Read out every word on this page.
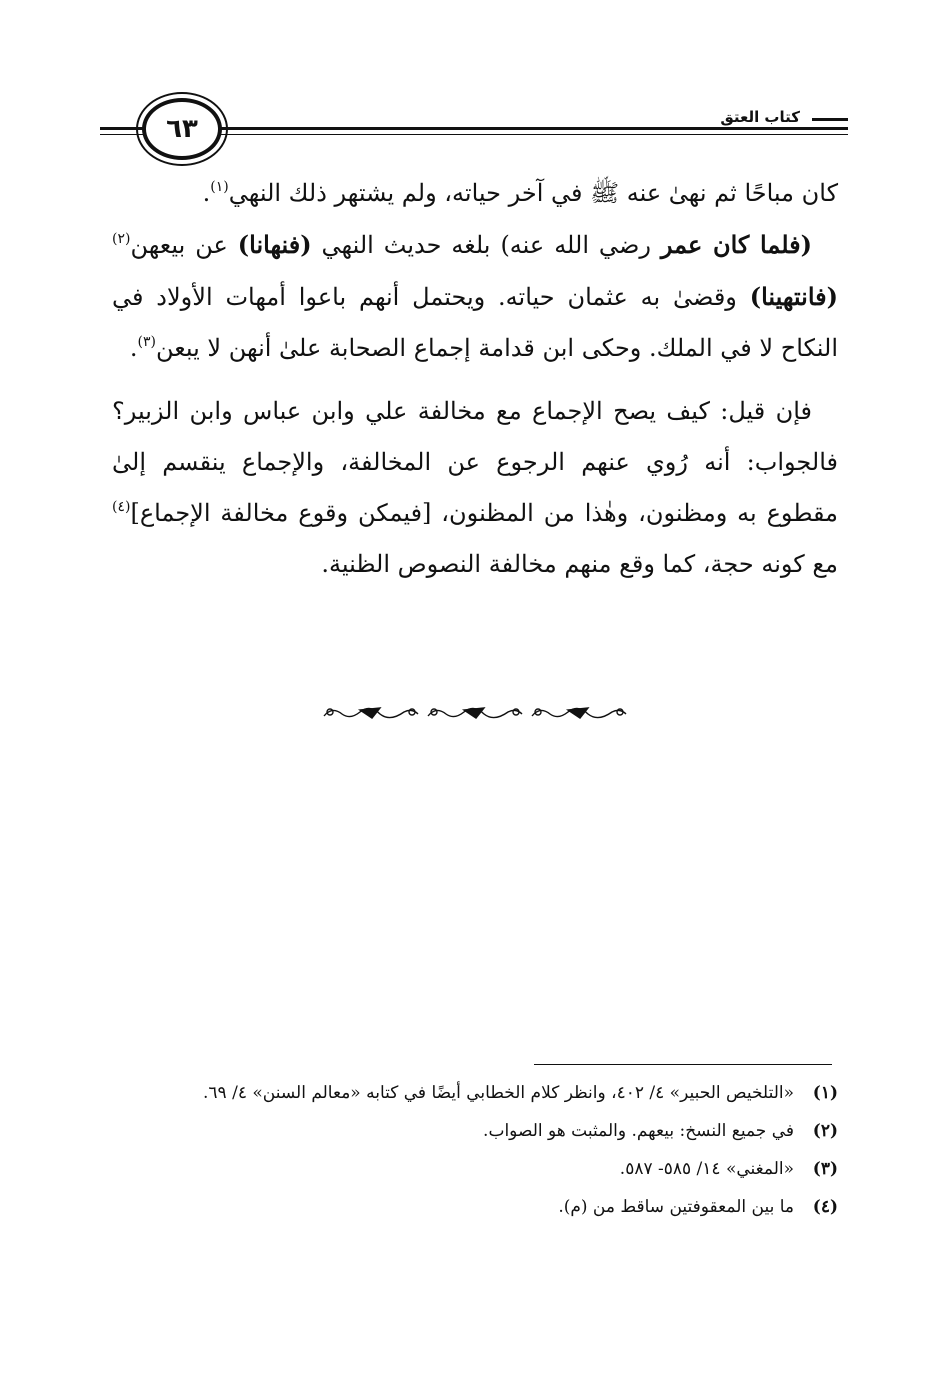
كتاب العتق
٦٣

كان مباحًا ثم نهىٰ عنه ﷺ في آخر حياته، ولم يشتهر ذلك النهي$^{(١)}$.

(فلما كان عمر رضي الله عنه) بلغه حديث النهي (فنهانا) عن بيعهن$^{(٢)}$ (فانتهينا) وقضىٰ به عثمان حياته. ويحتمل أنهم باعوا أمهات الأولاد في النكاح لا في الملك. وحكى ابن قدامة إجماع الصحابة علىٰ أنهن لا يبعن$^{(٣)}$.

فإن قيل: كيف يصح الإجماع مع مخالفة علي وابن عباس وابن الزبير؟ فالجواب: أنه رُوي عنهم الرجوع عن المخالفة، والإجماع ينقسم إلىٰ مقطوع به ومظنون، وهٰذا من المظنون، [فيمكن وقوع مخالفة الإجماع]$^{(٤)}$ مع كونه حجة، كما وقع منهم مخالفة النصوص الظنية.

(١)
«التلخيص الحبير» ٤/ ٤٠٢، وانظر كلام الخطابي أيضًا في كتابه «معالم السنن» ٤/ ٦٩.
(٢)
في جميع النسخ: بيعهم. والمثبت هو الصواب.
(٣)
«المغني» ١٤/ ٥٨٥- ٥٨٧.
(٤)
ما بين المعقوفتين ساقط من (م).
